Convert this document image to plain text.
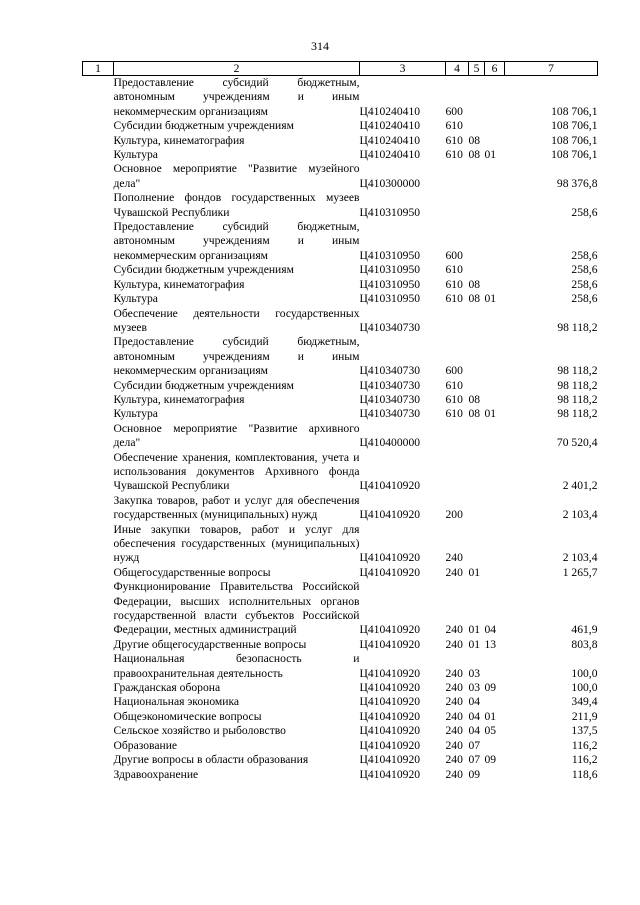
314
1	2	3	4	5	6	7
	Предоставление субсидий бюджетным, автономным учреждениям и иным некоммерческим организациям	Ц410240410	600			108 706,1
	Субсидии бюджетным учреждениям	Ц410240410	610			108 706,1
	Культура, кинематография	Ц410240410	610	08		108 706,1
	Культура	Ц410240410	610	08	01	108 706,1
	Основное мероприятие "Развитие музейного дела"	Ц410300000				98 376,8
	Пополнение фондов государственных музеев Чувашской Республики	Ц410310950				258,6
	Предоставление субсидий бюджетным, автономным учреждениям и иным некоммерческим организациям	Ц410310950	600			258,6
	Субсидии бюджетным учреждениям	Ц410310950	610			258,6
	Культура, кинематография	Ц410310950	610	08		258,6
	Культура	Ц410310950	610	08	01	258,6
	Обеспечение деятельности государственных музеев	Ц410340730				98 118,2
	Предоставление субсидий бюджетным, автономным учреждениям и иным некоммерческим организациям	Ц410340730	600			98 118,2
	Субсидии бюджетным учреждениям	Ц410340730	610			98 118,2
	Культура, кинематография	Ц410340730	610	08		98 118,2
	Культура	Ц410340730	610	08	01	98 118,2
	Основное мероприятие "Развитие архивного дела"	Ц410400000				70 520,4
	Обеспечение хранения, комплектования, учета и использования документов Архивного фонда Чувашской Республики	Ц410410920				2 401,2
	Закупка товаров, работ и услуг для обеспечения государственных (муниципальных) нужд	Ц410410920	200			2 103,4
	Иные закупки товаров, работ и услуг для обеспечения государственных (муниципальных) нужд	Ц410410920	240			2 103,4
	Общегосударственные вопросы	Ц410410920	240	01		1 265,7
	Функционирование Правительства Российской Федерации, высших исполнительных органов государственной власти субъектов Российской Федерации, местных администраций	Ц410410920	240	01	04	461,9
	Другие общегосударственные вопросы	Ц410410920	240	01	13	803,8
	Национальная безопасность и правоохранительная деятельность	Ц410410920	240	03		100,0
	Гражданская оборона	Ц410410920	240	03	09	100,0
	Национальная экономика	Ц410410920	240	04		349,4
	Общеэкономические вопросы	Ц410410920	240	04	01	211,9
	Сельское хозяйство и рыболовство	Ц410410920	240	04	05	137,5
	Образование	Ц410410920	240	07		116,2
	Другие вопросы в области образования	Ц410410920	240	07	09	116,2
	Здравоохранение	Ц410410920	240	09		118,6
